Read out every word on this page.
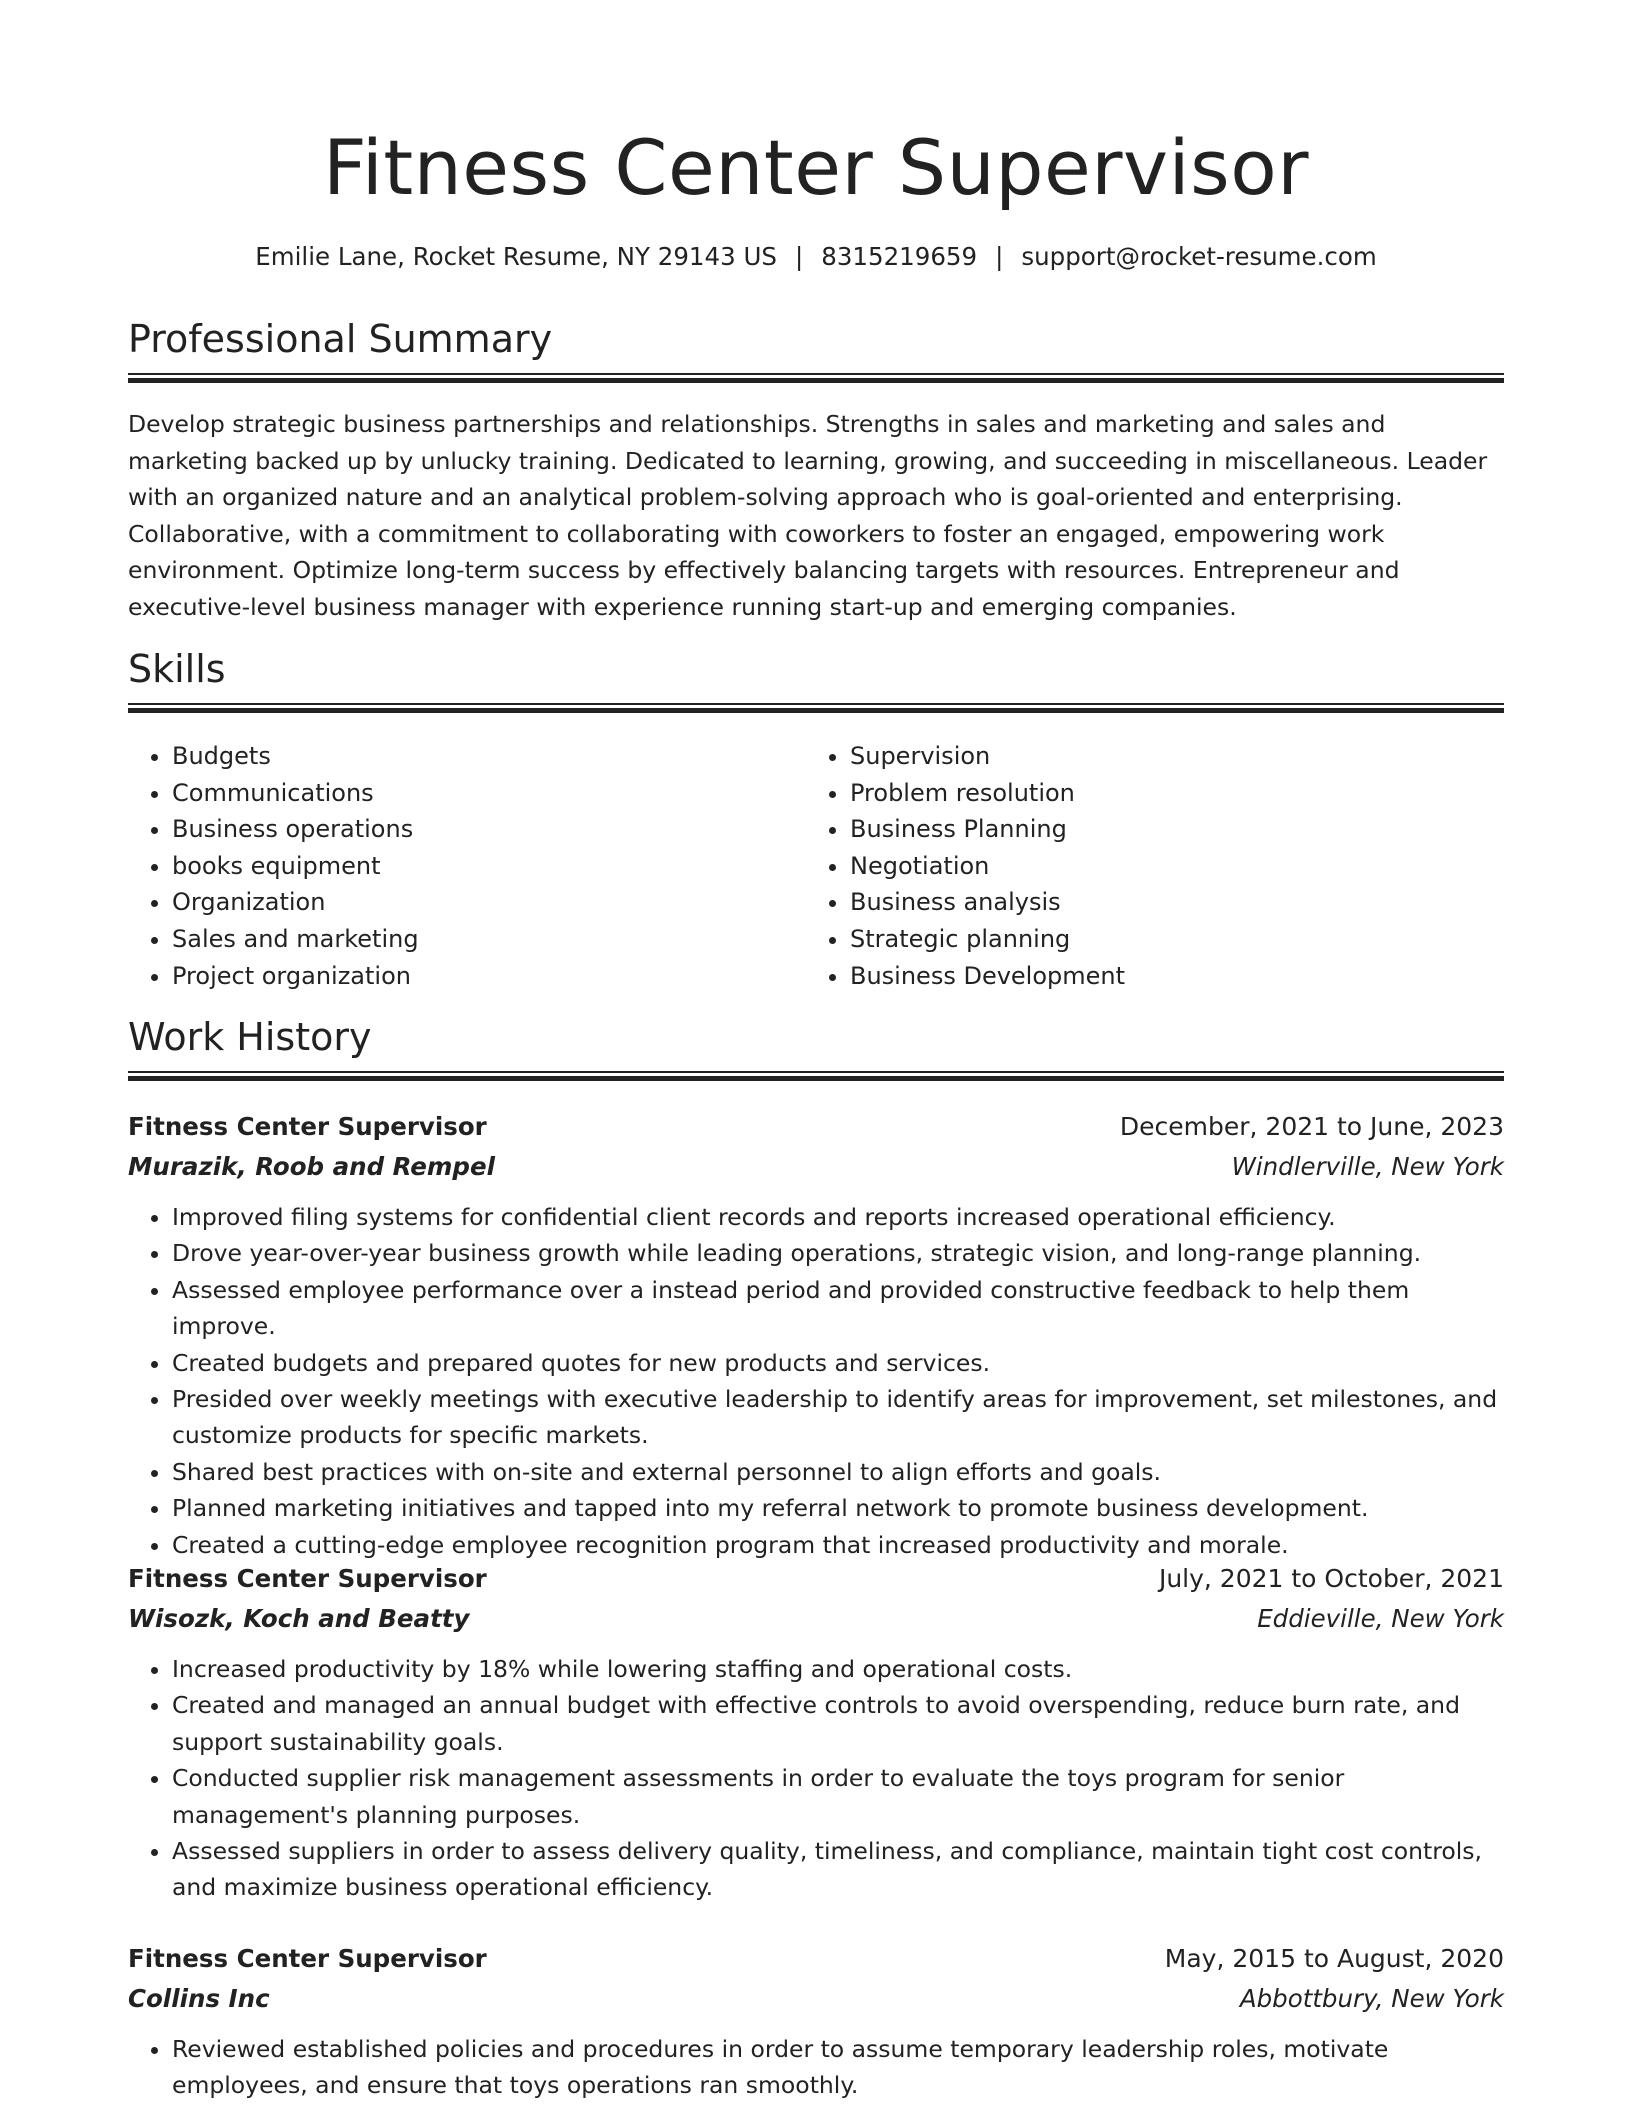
Fitness Center Supervisor
Emilie Lane, Rocket Resume, NY 29143 US | 8315219659 | support@rocket-resume.com
Professional Summary
Develop strategic business partnerships and relationships. Strengths in sales and marketing and sales and marketing backed up by unlucky training. Dedicated to learning, growing, and succeeding in miscellaneous. Leader with an organized nature and an analytical problem-solving approach who is goal-oriented and enterprising. Collaborative, with a commitment to collaborating with coworkers to foster an engaged, empowering work environment. Optimize long-term success by effectively balancing targets with resources. Entrepreneur and executive-level business manager with experience running start-up and emerging companies.
Skills
• Budgets
• Communications
• Business operations
• books equipment
• Organization
• Sales and marketing
• Project organization
• Supervision
• Problem resolution
• Business Planning
• Negotiation
• Business analysis
• Strategic planning
• Business Development
Work History
Fitness Center Supervisor	December, 2021 to June, 2023
Murazik, Roob and Rempel	Windlerville, New York
• Improved filing systems for confidential client records and reports increased operational efficiency.
• Drove year-over-year business growth while leading operations, strategic vision, and long-range planning.
• Assessed employee performance over a instead period and provided constructive feedback to help them improve.
• Created budgets and prepared quotes for new products and services.
• Presided over weekly meetings with executive leadership to identify areas for improvement, set milestones, and customize products for specific markets.
• Shared best practices with on-site and external personnel to align efforts and goals.
• Planned marketing initiatives and tapped into my referral network to promote business development.
• Created a cutting-edge employee recognition program that increased productivity and morale.
Fitness Center Supervisor	July, 2021 to October, 2021
Wisozk, Koch and Beatty	Eddieville, New York
• Increased productivity by 18% while lowering staffing and operational costs.
• Created and managed an annual budget with effective controls to avoid overspending, reduce burn rate, and support sustainability goals.
• Conducted supplier risk management assessments in order to evaluate the toys program for senior management's planning purposes.
• Assessed suppliers in order to assess delivery quality, timeliness, and compliance, maintain tight cost controls, and maximize business operational efficiency.
Fitness Center Supervisor	May, 2015 to August, 2020
Collins Inc	Abbottbury, New York
• Reviewed established policies and procedures in order to assume temporary leadership roles, motivate employees, and ensure that toys operations ran smoothly.
